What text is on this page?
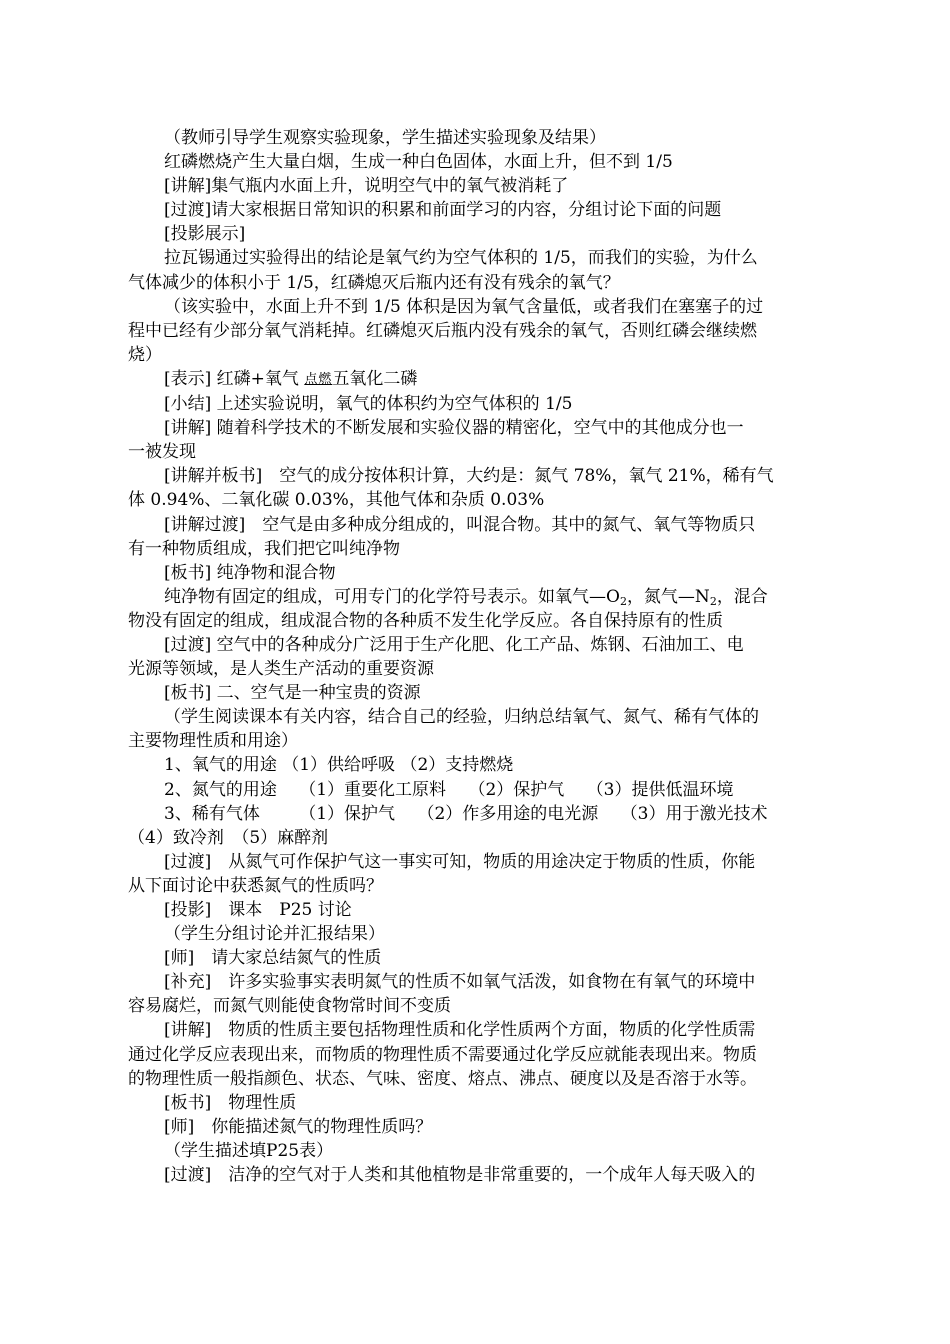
（教师引导学生观察实验现象，学生描述实验现象及结果）

红磷燃烧产生大量白烟，生成一种白色固体，水面上升，但不到 1/5

[讲解]集气瓶内水面上升，说明空气中的氧气被消耗了

[过渡]请大家根据日常知识的积累和前面学习的内容，分组讨论下面的问题

[投影展示]

拉瓦锡通过实验得出的结论是氧气约为空气体积的 1/5，而我们的实验，为什么
气体减少的体积小于 1/5，红磷熄灭后瓶内还有没有残余的氧气？

（该实验中，水面上升不到 1/5 体积是因为氧气含量低，或者我们在塞塞子的过
程中已经有少部分氧气消耗掉。红磷熄灭后瓶内没有残余的氧气，否则红磷会继续燃
烧）

[表示] 红磷+氧气 点燃五氧化二磷

[小结] 上述实验说明，氧气的体积约为空气体积的 1/5

[讲解] 随着科学技术的不断发展和实验仪器的精密化，空气中的其他成分也一
一被发现

[讲解并板书]　空气的成分按体积计算，大约是：氮气 78%，氧气 21%，稀有气
体 0.94%、二氧化碳 0.03%，其他气体和杂质 0.03%

[讲解过渡]　空气是由多种成分组成的，叫混合物。其中的氮气、氧气等物质只
有一种物质组成，我们把它叫纯净物

[板书] 纯净物和混合物

纯净物有固定的组成，可用专门的化学符号表示。如氧气$—O_2$，氮气$—N_2$，混合
物没有固定的组成，组成混合物的各种质不发生化学反应。各自保持原有的性质

[过渡] 空气中的各种成分广泛用于生产化肥、化工产品、炼钢、石油加工、电
光源等领域，是人类生产活动的重要资源

[板书] 二、空气是一种宝贵的资源

（学生阅读课本有关内容，结合自己的经验，归纳总结氧气、氮气、稀有气体的
主要物理性质和用途）

1、氧气的用途 （1）供给呼吸 （2）支持燃烧

2、氮气的用途　 （1）重要化工原料　 （2）保护气　 （3）提供低温环境

3、稀有气体　　 （1）保护气　 （2）作多用途的电光源　 （3）用于激光技术
（4）致冷剂　（5）麻醉剂

[过渡]　从氮气可作保护气这一事实可知，物质的用途决定于物质的性质，你能
从下面讨论中获悉氮气的性质吗？

[投影]　课本　P25 讨论

（学生分组讨论并汇报结果）

[师]　请大家总结氮气的性质

[补充]　许多实验事实表明氮气的性质不如氧气活泼，如食物在有氧气的环境中
容易腐烂，而氮气则能使食物常时间不变质

[讲解]　物质的性质主要包括物理性质和化学性质两个方面，物质的化学性质需
通过化学反应表现出来，而物质的物理性质不需要通过化学反应就能表现出来。物质
的物理性质一般指颜色、状态、气味、密度、熔点、沸点、硬度以及是否溶于水等。

[板书]　物理性质

[师]　你能描述氮气的物理性质吗？

（学生描述填P25表）

[过渡]　洁净的空气对于人类和其他植物是非常重要的，一个成年人每天吸入的
